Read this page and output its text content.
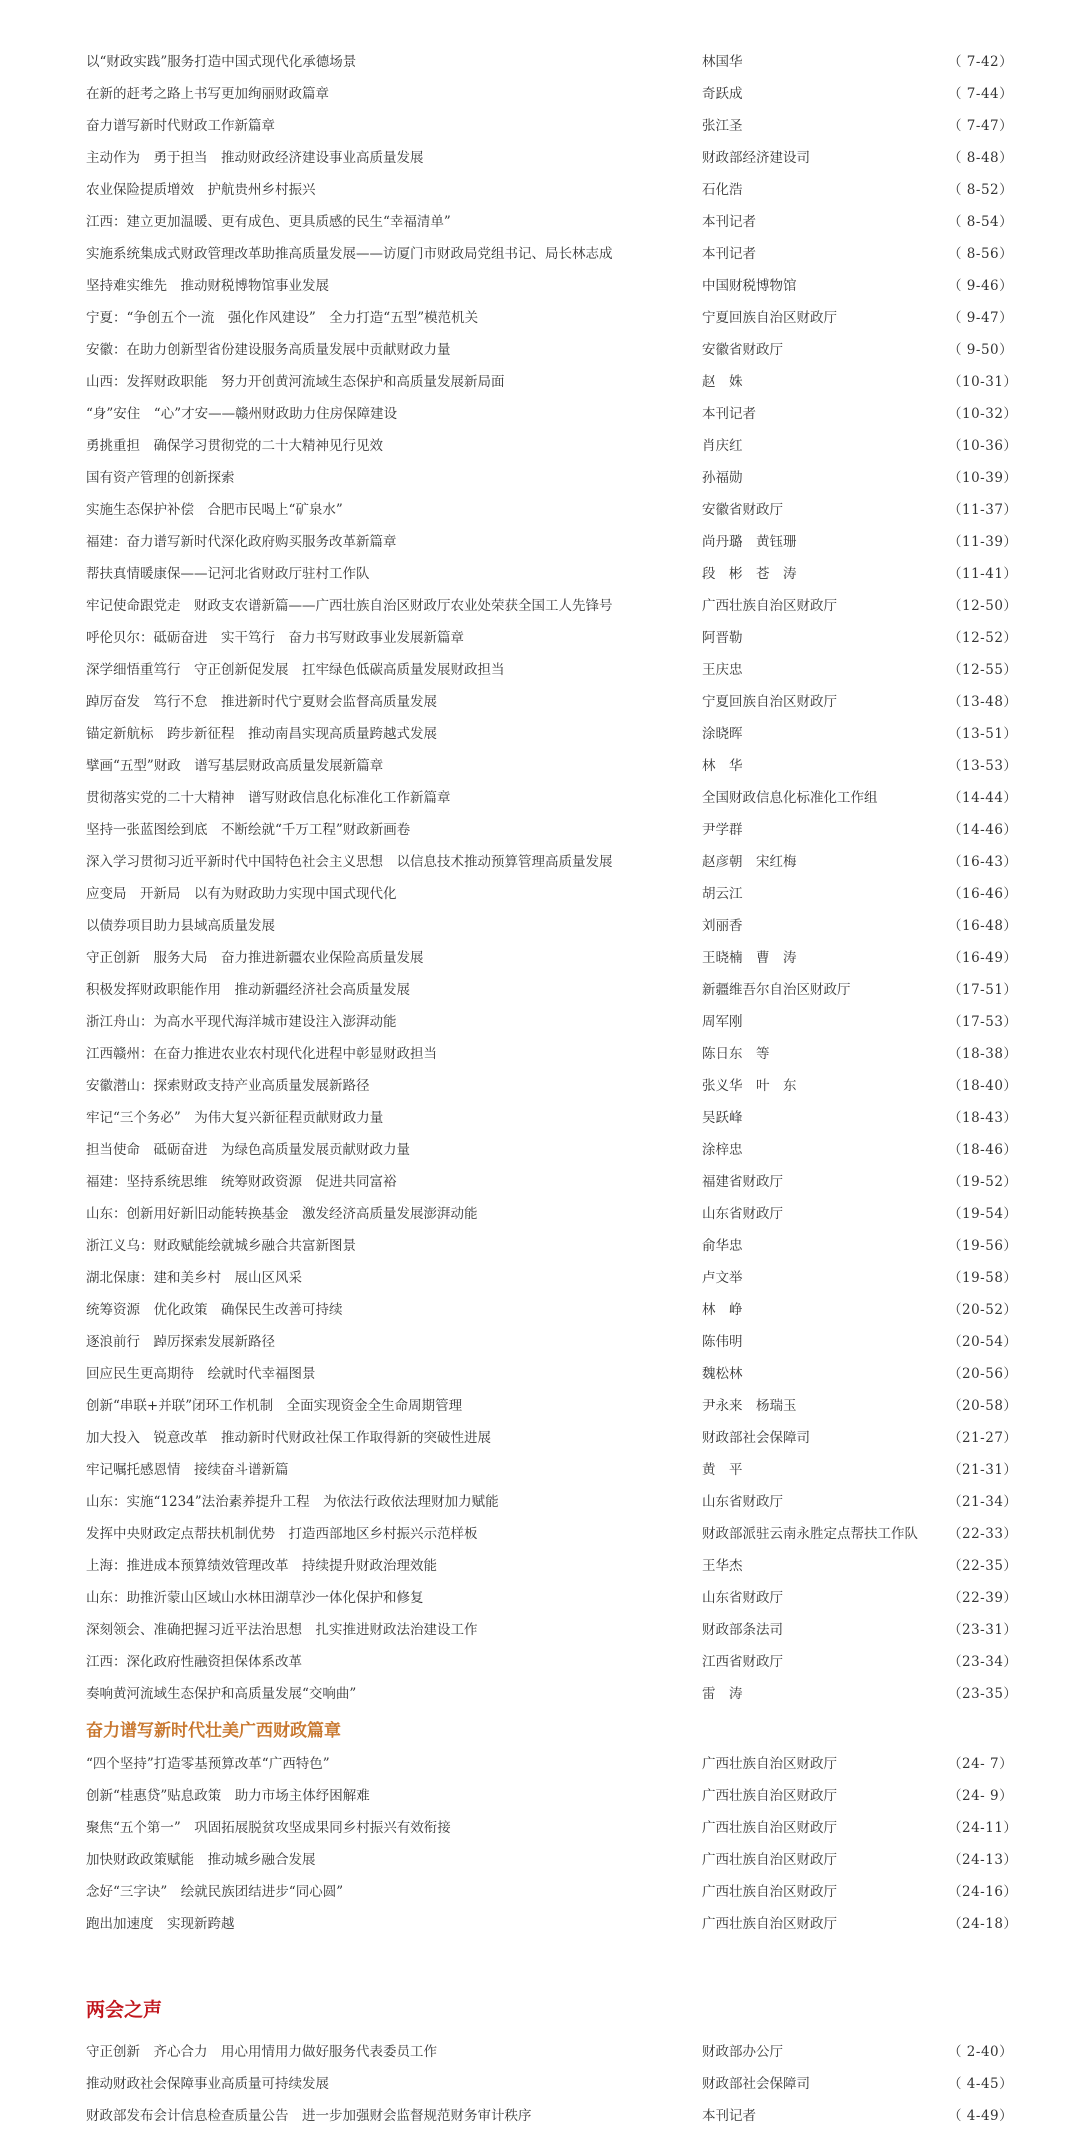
以“财政实践”服务打造中国式现代化承德场景	林国华	（ 7-42）
在新的赶考之路上书写更加绚丽财政篇章	奇跃成	（ 7-44）
奋力谱写新时代财政工作新篇章	张江圣	（ 7-47）
主动作为　勇于担当　推动财政经济建设事业高质量发展	财政部经济建设司	（ 8-48）
农业保险提质增效　护航贵州乡村振兴	石化浩	（ 8-52）
江西：建立更加温暖、更有成色、更具质感的民生“幸福清单”	本刊记者	（ 8-54）
实施系统集成式财政管理改革助推高质量发展——访厦门市财政局党组书记、局长林志成	本刊记者	（ 8-56）
坚持难实维先　推动财税博物馆事业发展	中国财税博物馆	（ 9-46）
宁夏：“争创五个一流　强化作风建设”　全力打造“五型”模范机关	宁夏回族自治区财政厅	（ 9-47）
安徽：在助力创新型省份建设服务高质量发展中贡献财政力量	安徽省财政厅	（ 9-50）
山西：发挥财政职能　努力开创黄河流域生态保护和高质量发展新局面	赵　姝	（10-31）
“身”安住　“心”才安——赣州财政助力住房保障建设	本刊记者	（10-32）
勇挑重担　确保学习贯彻党的二十大精神见行见效	肖庆红	（10-36）
国有资产管理的创新探索	孙福勋	（10-39）
实施生态保护补偿　合肥市民喝上“矿泉水”	安徽省财政厅	（11-37）
福建：奋力谱写新时代深化政府购买服务改革新篇章	尚丹璐　黄钰珊	（11-39）
帮扶真情暖康保——记河北省财政厅驻村工作队	段　彬　苍　涛	（11-41）
牢记使命跟党走　财政支农谱新篇——广西壮族自治区财政厅农业处荣获全国工人先锋号	广西壮族自治区财政厅	（12-50）
呼伦贝尔：砥砺奋进　实干笃行　奋力书写财政事业发展新篇章	阿晋勒	（12-52）
深学细悟重笃行　守正创新促发展　扛牢绿色低碳高质量发展财政担当	王庆忠	（12-55）
踔厉奋发　笃行不怠　推进新时代宁夏财会监督高质量发展	宁夏回族自治区财政厅	（13-48）
锚定新航标　跨步新征程　推动南昌实现高质量跨越式发展	涂晓晖	（13-51）
擘画“五型”财政　谱写基层财政高质量发展新篇章	林　华	（13-53）
贯彻落实党的二十大精神　谱写财政信息化标准化工作新篇章	全国财政信息化标准化工作组	（14-44）
坚持一张蓝图绘到底　不断绘就“千万工程”财政新画卷	尹学群	（14-46）
深入学习贯彻习近平新时代中国特色社会主义思想　以信息技术推动预算管理高质量发展	赵彦朝　宋红梅	（16-43）
应变局　开新局　以有为财政助力实现中国式现代化	胡云江	（16-46）
以债券项目助力县域高质量发展	刘丽香	（16-48）
守正创新　服务大局　奋力推进新疆农业保险高质量发展	王晓楠　曹　涛	（16-49）
积极发挥财政职能作用　推动新疆经济社会高质量发展	新疆维吾尔自治区财政厅	（17-51）
浙江舟山：为高水平现代海洋城市建设注入澎湃动能	周军刚	（17-53）
江西赣州：在奋力推进农业农村现代化进程中彰显财政担当	陈日东　等	（18-38）
安徽潜山：探索财政支持产业高质量发展新路径	张义华　叶　东	（18-40）
牢记“三个务必”　为伟大复兴新征程贡献财政力量	吴跃峰	（18-43）
担当使命　砥砺奋进　为绿色高质量发展贡献财政力量	涂梓忠	（18-46）
福建：坚持系统思维　统筹财政资源　促进共同富裕	福建省财政厅	（19-52）
山东：创新用好新旧动能转换基金　激发经济高质量发展澎湃动能	山东省财政厅	（19-54）
浙江义乌：财政赋能绘就城乡融合共富新图景	俞华忠	（19-56）
湖北保康：建和美乡村　展山区风采	卢文举	（19-58）
统筹资源　优化政策　确保民生改善可持续	林　峥	（20-52）
逐浪前行　踔厉探索发展新路径	陈伟明	（20-54）
回应民生更高期待　绘就时代幸福图景	魏松林	（20-56）
创新“串联+并联”闭环工作机制　全面实现资金全生命周期管理	尹永来　杨瑞玉	（20-58）
加大投入　锐意改革　推动新时代财政社保工作取得新的突破性进展	财政部社会保障司	（21-27）
牢记嘱托感恩情　接续奋斗谱新篇	黄　平	（21-31）
山东：实施“1234”法治素养提升工程　为依法行政依法理财加力赋能	山东省财政厅	（21-34）
发挥中央财政定点帮扶机制优势　打造西部地区乡村振兴示范样板	财政部派驻云南永胜定点帮扶工作队	（22-33）
上海：推进成本预算绩效管理改革　持续提升财政治理效能	王华杰	（22-35）
山东：助推沂蒙山区域山水林田湖草沙一体化保护和修复	山东省财政厅	（22-39）
深刻领会、准确把握习近平法治思想　扎实推进财政法治建设工作	财政部条法司	（23-31）
江西：深化政府性融资担保体系改革	江西省财政厅	（23-34）
奏响黄河流域生态保护和高质量发展“交响曲”	雷　涛	（23-35）
奋力谱写新时代壮美广西财政篇章
“四个坚持”打造零基预算改革“广西特色”	广西壮族自治区财政厅	（24- 7）
创新“桂惠贷”贴息政策　助力市场主体纾困解难	广西壮族自治区财政厅	（24- 9）
聚焦“五个第一”　巩固拓展脱贫攻坚成果同乡村振兴有效衔接	广西壮族自治区财政厅	（24-11）
加快财政政策赋能　推动城乡融合发展	广西壮族自治区财政厅	（24-13）
念好“三字诀”　绘就民族团结进步“同心圆”	广西壮族自治区财政厅	（24-16）
跑出加速度　实现新跨越	广西壮族自治区财政厅	（24-18）
两会之声
守正创新　齐心合力　用心用情用力做好服务代表委员工作	财政部办公厅	（ 2-40）
推动财政社会保障事业高质量可持续发展	财政部社会保障司	（ 4-45）
财政部发布会计信息检查质量公告　进一步加强财会监督规范财务审计秩序	本刊记者	（ 4-49）
